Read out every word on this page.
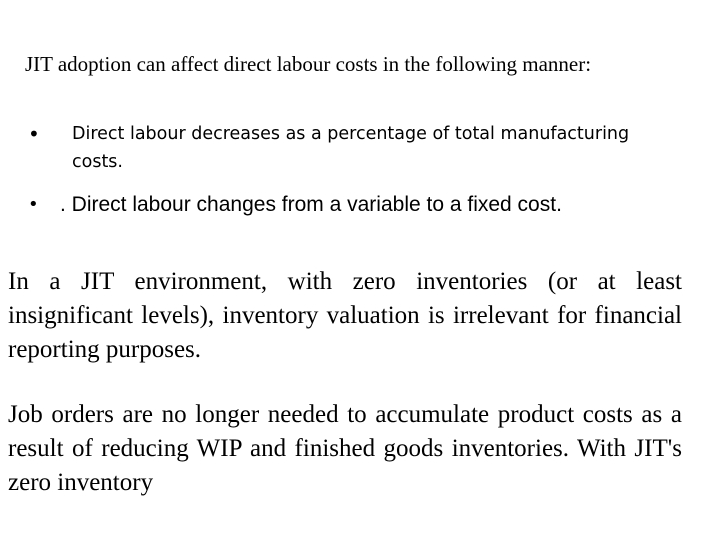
JIT adoption can affect direct labour costs in the following manner:
• Direct labour decreases as a percentage of total manufacturing
costs.
• . Direct labour changes from a variable to a fixed cost.
In a JIT environment, with zero inventories (or at least insignificant levels), inventory valuation is irrelevant for financial reporting purposes.
Job orders are no longer needed to accumulate product costs as a result of reducing WIP and finished goods inventories. With JIT's zero inventory
